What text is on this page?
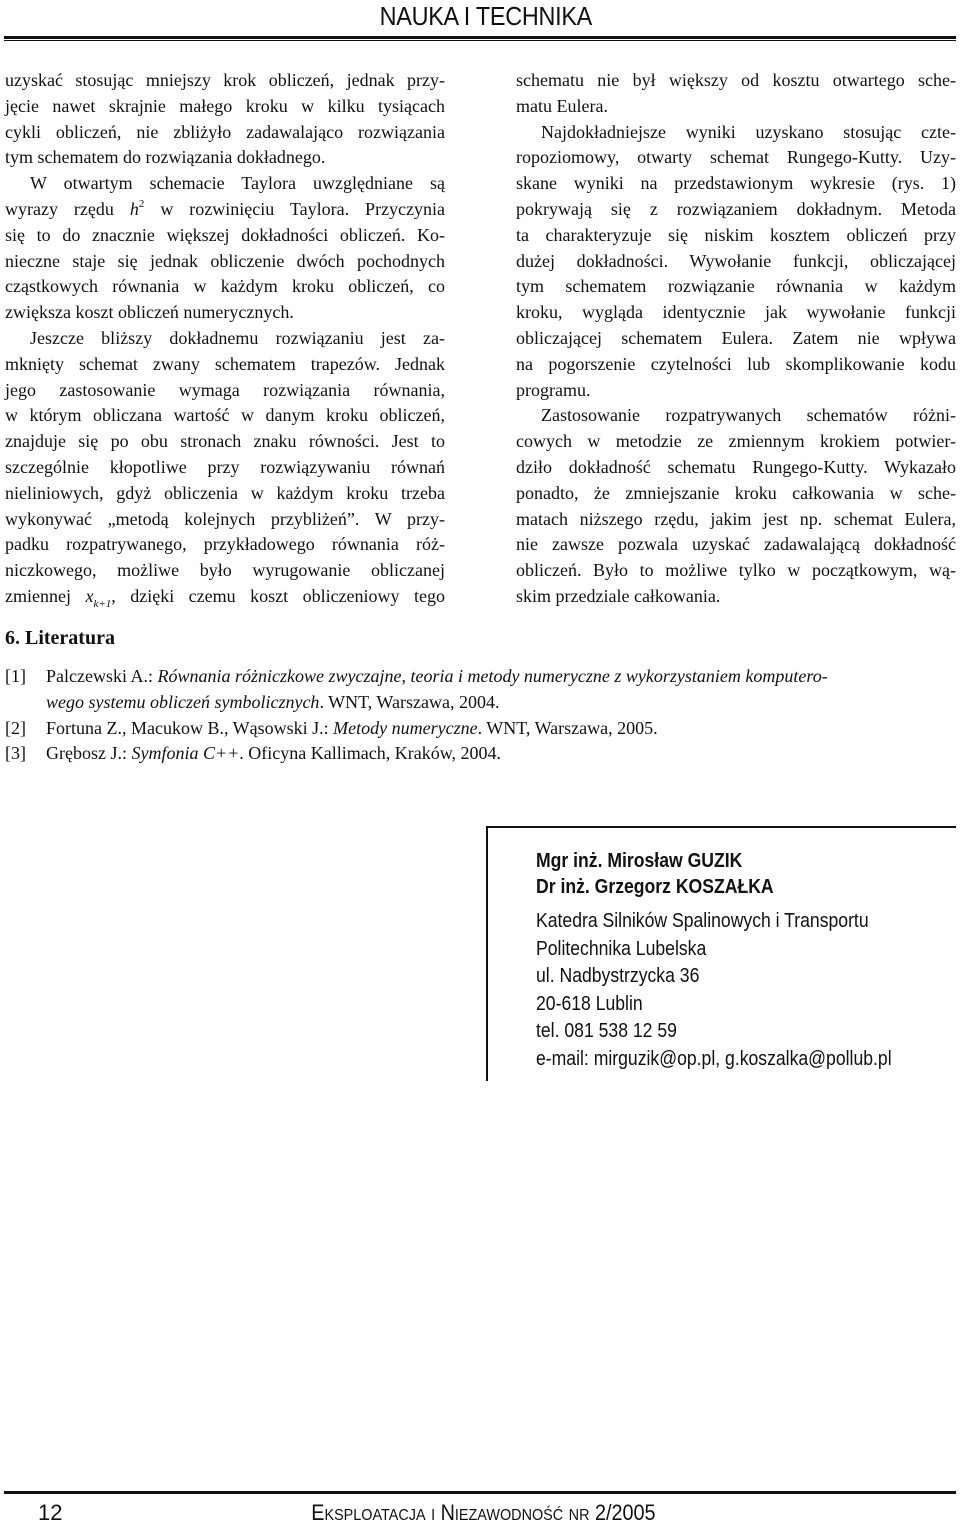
NAUKA I TECHNIKA
uzyskać stosując mniejszy krok obliczeń, jednak przy-
jęcie nawet skrajnie małego kroku w kilku tysiącach
cykli obliczeń, nie zbliżyło zadawalająco rozwiązania
tym schematem do rozwiązania dokładnego.
W otwartym schemacie Taylora uwzględniane są
wyrazy rzędu $h^2$ w rozwinięciu Taylora. Przyczynia
się to do znacznie większej dokładności obliczeń. Ko-
nieczne staje się jednak obliczenie dwóch pochodnych
cząstkowych równania w każdym kroku obliczeń, co
zwiększa koszt obliczeń numerycznych.
Jeszcze bliższy dokładnemu rozwiązaniu jest za-
mknięty schemat zwany schematem trapezów. Jednak
jego zastosowanie wymaga rozwiązania równania,
w którym obliczana wartość w danym kroku obliczeń,
znajduje się po obu stronach znaku równości. Jest to
szczególnie kłopotliwe przy rozwiązywaniu równań
nieliniowych, gdyż obliczenia w każdym kroku trzeba
wykonywać „metodą kolejnych przybliżeń”. W przy-
padku rozpatrywanego, przykładowego równania róż-
niczkowego, możliwe było wyrugowanie obliczanej
zmiennej $x_{k+1}$, dzięki czemu koszt obliczeniowy tego
schematu nie był większy od kosztu otwartego sche-
matu Eulera.
Najdokładniejsze wyniki uzyskano stosując czte-
ropoziomowy, otwarty schemat Rungego-Kutty. Uzy-
skane wyniki na przedstawionym wykresie (rys. 1)
pokrywają się z rozwiązaniem dokładnym. Metoda
ta charakteryzuje się niskim kosztem obliczeń przy
dużej dokładności. Wywołanie funkcji, obliczającej
tym schematem rozwiązanie równania w każdym
kroku, wygląda identycznie jak wywołanie funkcji
obliczającej schematem Eulera. Zatem nie wpływa
na pogorszenie czytelności lub skomplikowanie kodu
programu.
Zastosowanie rozpatrywanych schematów różni-
cowych w metodzie ze zmiennym krokiem potwier-
dziło dokładność schematu Rungego-Kutty. Wykazało
ponadto, że zmniejszanie kroku całkowania w sche-
matach niższego rzędu, jakim jest np. schemat Eulera,
nie zawsze pozwala uzyskać zadawalającą dokładność
obliczeń. Było to możliwe tylko w początkowym, wą-
skim przedziale całkowania.
6. Literatura
[1] Palczewski A.: Równania różniczkowe zwyczajne, teoria i metody numeryczne z wykorzystaniem komputero-
wego systemu obliczeń symbolicznych. WNT, Warszawa, 2004.
[2] Fortuna Z., Macukow B., Wąsowski J.: Metody numeryczne. WNT, Warszawa, 2005.
[3] Grębosz J.: Symfonia C++. Oficyna Kallimach, Kraków, 2004.
Mgr inż. Mirosław GUZIK
Dr inż. Grzegorz KOSZAŁKA
Katedra Silników Spalinowych i Transportu
Politechnika Lubelska
ul. Nadbystrzycka 36
20-618 Lublin
tel. 081 538 12 59
e-mail: mirguzik@op.pl, g.koszalka@pollub.pl
12	EKSPLOATACJA I NIEZAWODNOŚĆ NR 2/2005
